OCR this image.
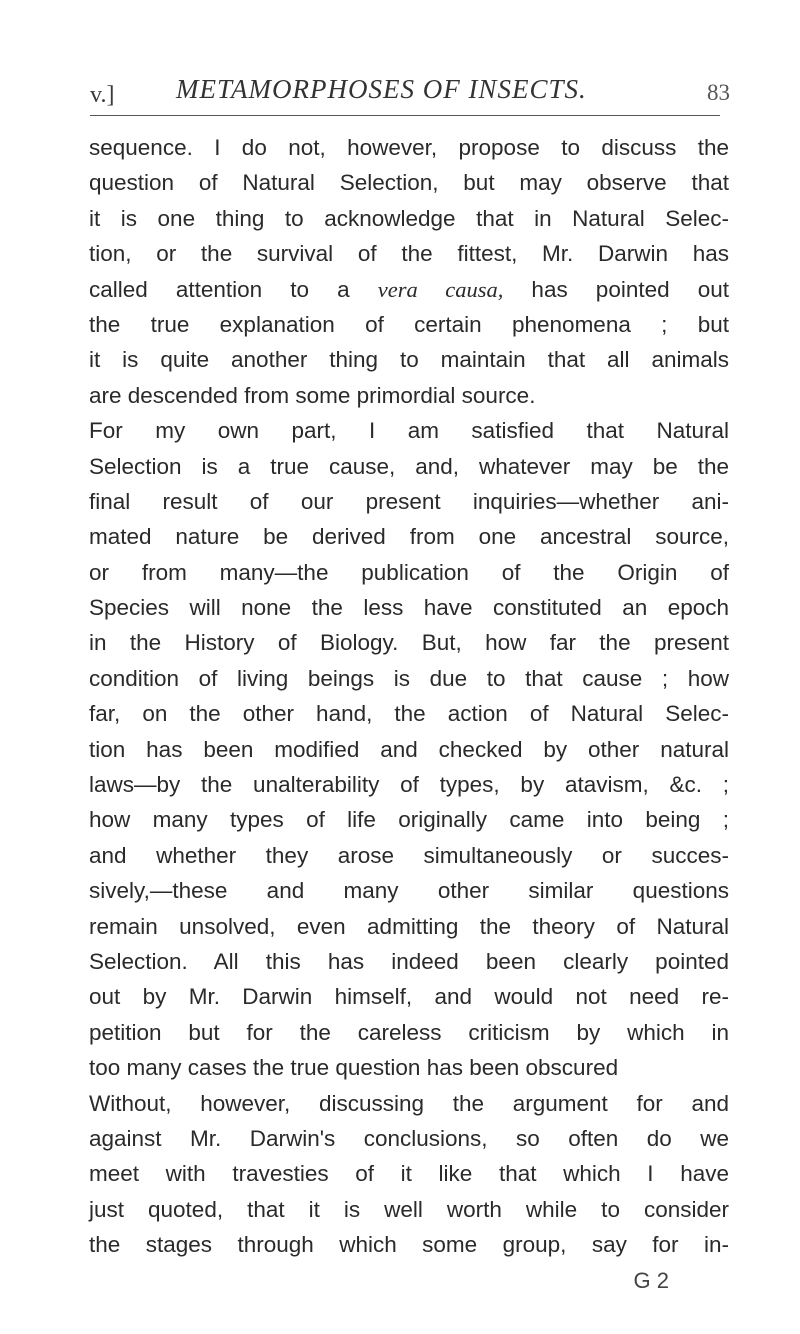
v.] METAMORPHOSES OF INSECTS.	83
sequence. I do not, however, propose to discuss the
question of Natural Selection, but may observe that
it is one thing to acknowledge that in Natural Selec-
tion, or the survival of the fittest, Mr. Darwin has
called attention to a vera causa, has pointed out
the true explanation of certain phenomena ; but
it is quite another thing to maintain that all animals
are descended from some primordial source.
For my own part, I am satisfied that Natural
Selection is a true cause, and, whatever may be the
final result of our present inquiries—whether ani-
mated nature be derived from one ancestral source,
or from many—the publication of the Origin of
Species will none the less have constituted an epoch
in the History of Biology. But, how far the present
condition of living beings is due to that cause ; how
far, on the other hand, the action of Natural Selec-
tion has been modified and checked by other natural
laws—by the unalterability of types, by atavism, &c. ;
how many types of life originally came into being ;
and whether they arose simultaneously or succes-
sively,—these and many other similar questions
remain unsolved, even admitting the theory of Natural
Selection. All this has indeed been clearly pointed
out by Mr. Darwin himself, and would not need re-
petition but for the careless criticism by which in
too many cases the true question has been obscured
Without, however, discussing the argument for and
against Mr. Darwin's conclusions, so often do we
meet with travesties of it like that which I have
just quoted, that it is well worth while to consider
the stages through which some group, say for in-
G 2
